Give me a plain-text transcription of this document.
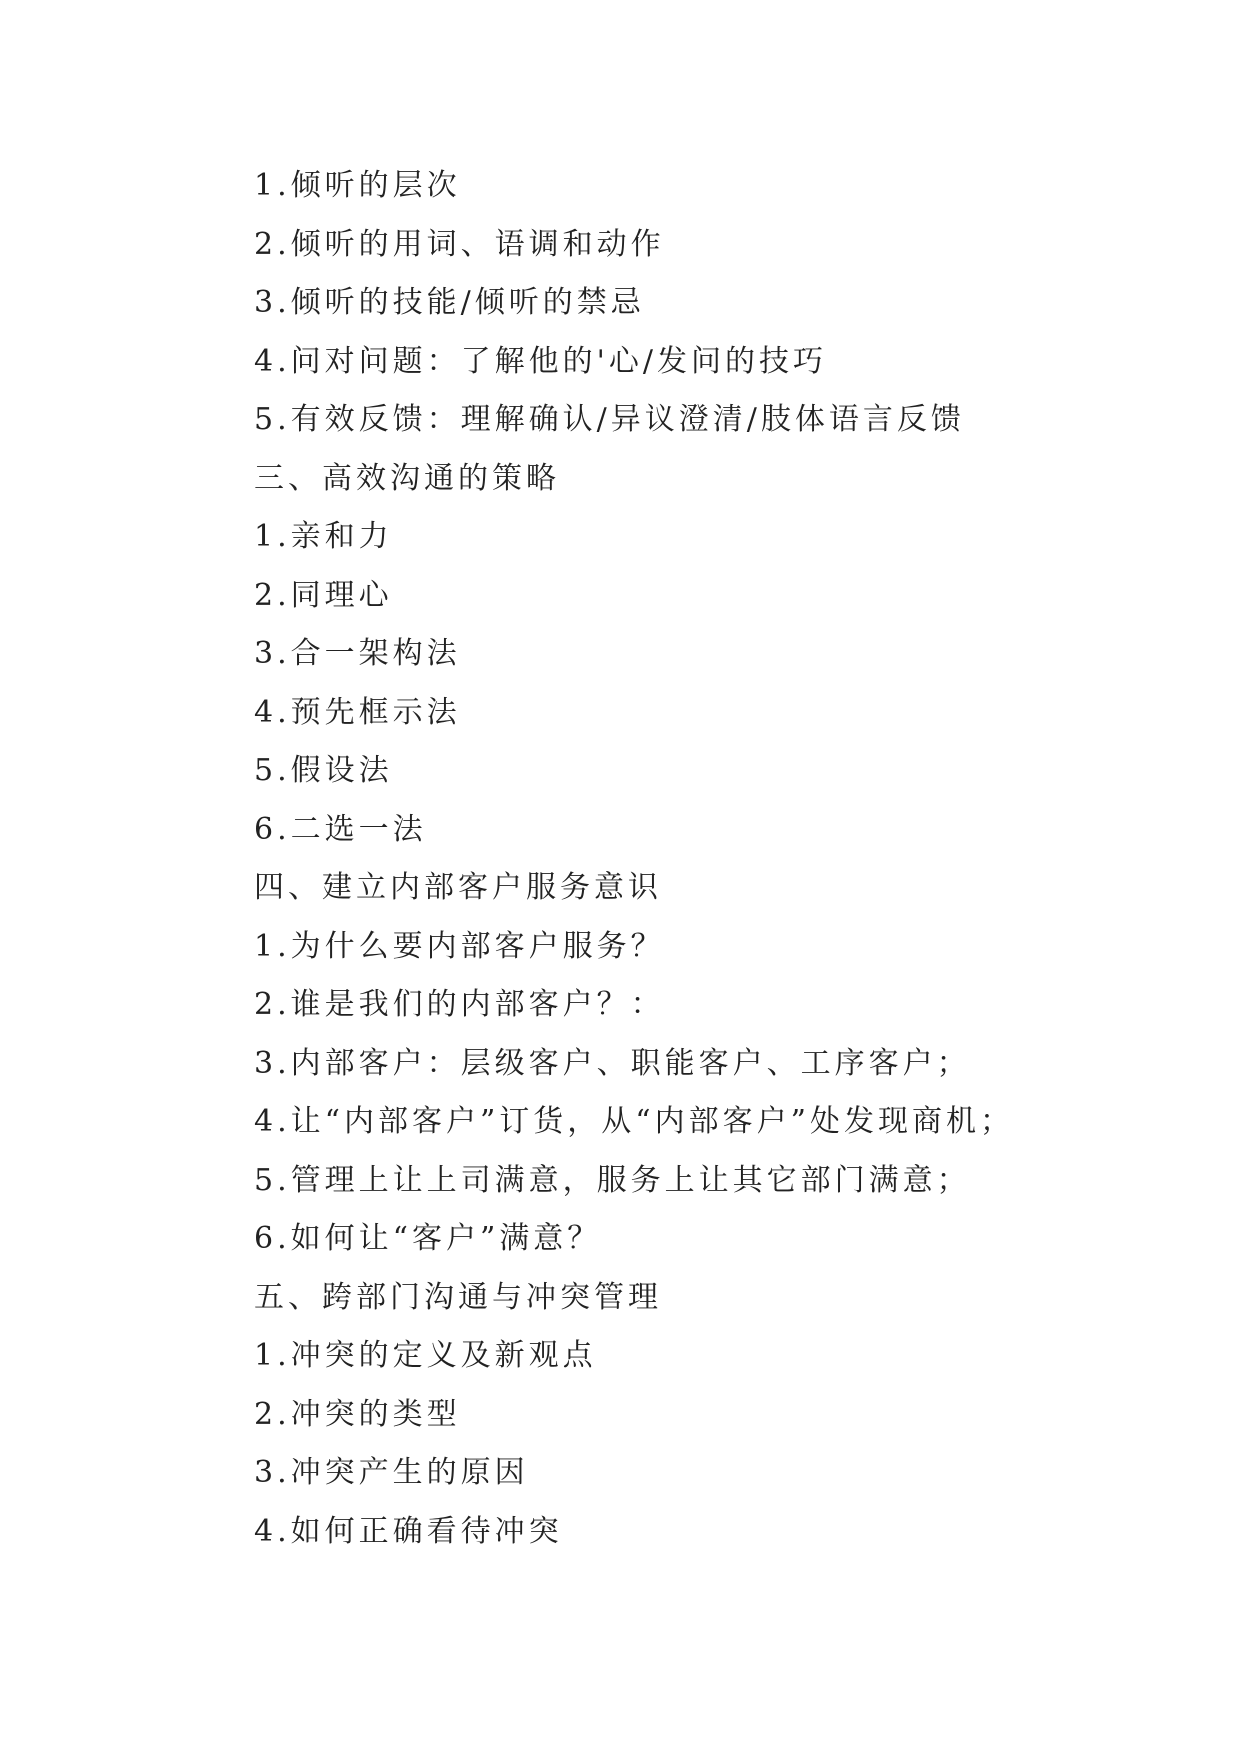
1.倾听的层次
2.倾听的用词、语调和动作
3.倾听的技能/倾听的禁忌
4.问对问题：了解他的'心/发问的技巧
5.有效反馈：理解确认/异议澄清/肢体语言反馈
三、高效沟通的策略
1.亲和力
2.同理心
3.合一架构法
4.预先框示法
5.假设法
6.二选一法
四、建立内部客户服务意识
1.为什么要内部客户服务？
2.谁是我们的内部客户？：
3.内部客户：层级客户、职能客户、工序客户；
4.让“内部客户”订货，从“内部客户”处发现商机；
5.管理上让上司满意，服务上让其它部门满意；
6.如何让“客户”满意？
五、跨部门沟通与冲突管理
1.冲突的定义及新观点
2.冲突的类型
3.冲突产生的原因
4.如何正确看待冲突
